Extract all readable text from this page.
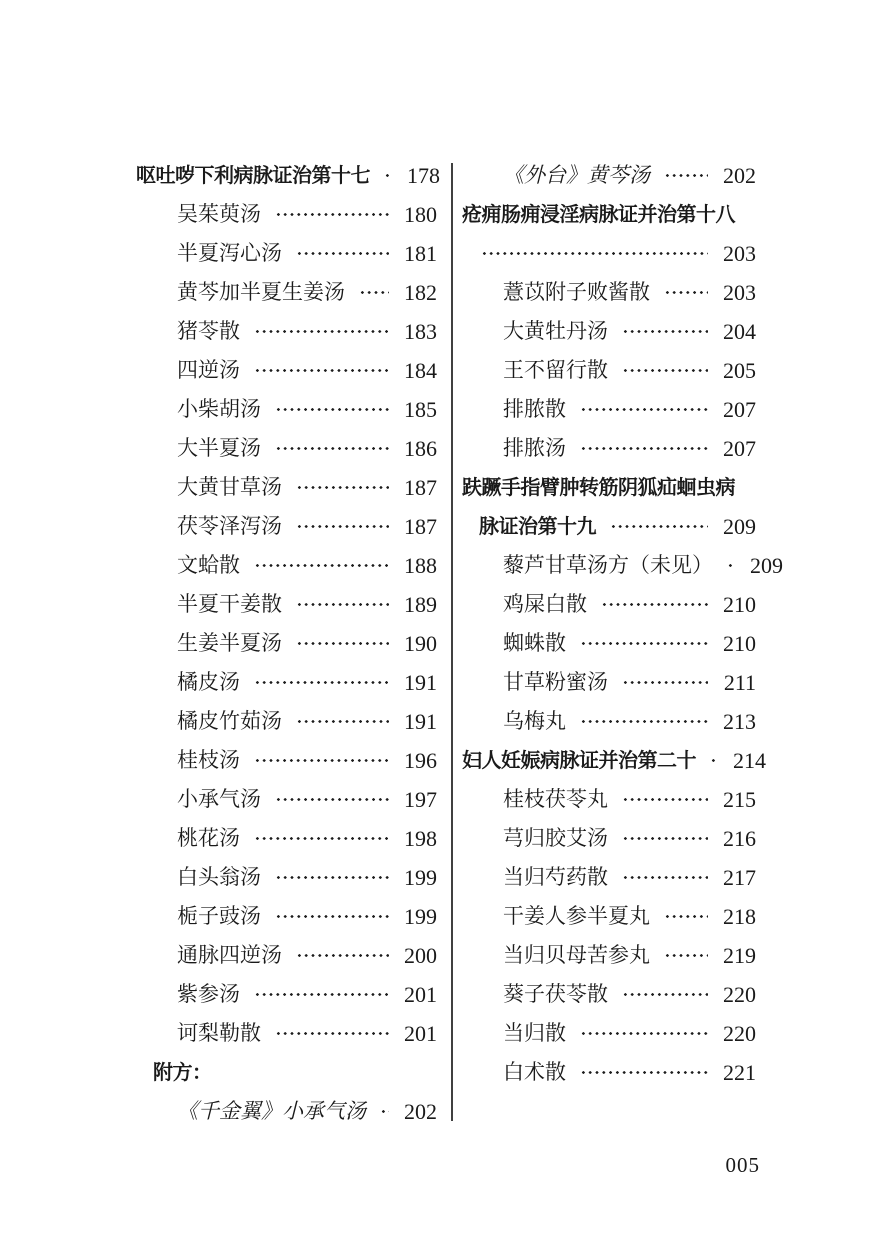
呕吐哕下利病脉证治第十七 178
吴茱萸汤	180
半夏泻心汤	181
黄芩加半夏生姜汤	182
猪苓散	183
四逆汤	184
小柴胡汤	185
大半夏汤	186
大黄甘草汤	187
茯苓泽泻汤	187
文蛤散	188
半夏干姜散	189
生姜半夏汤	190
橘皮汤	191
橘皮竹茹汤	191
桂枝汤	196
小承气汤	197
桃花汤	198
白头翁汤	199
栀子豉汤	199
通脉四逆汤	200
紫参汤	201
诃梨勒散	201
附方：
《千金翼》小承气汤 202
《外台》黄芩汤	202
疮痈肠痈浸淫病脉证并治第十八
203
薏苡附子败酱散	203
大黄牡丹汤	204
王不留行散	205
排脓散	207
排脓汤	207
趺蹶手指臂肿转筋阴狐疝蛔虫病
脉证治第十九	209
藜芦甘草汤方（未见） 209
鸡屎白散	210
蜘蛛散	210
甘草粉蜜汤	211
乌梅丸	213
妇人妊娠病脉证并治第二十 214
桂枝茯苓丸	215
芎归胶艾汤	216
当归芍药散	217
干姜人参半夏丸	218
当归贝母苦参丸	219
葵子茯苓散	220
当归散	220
白术散	221
005
